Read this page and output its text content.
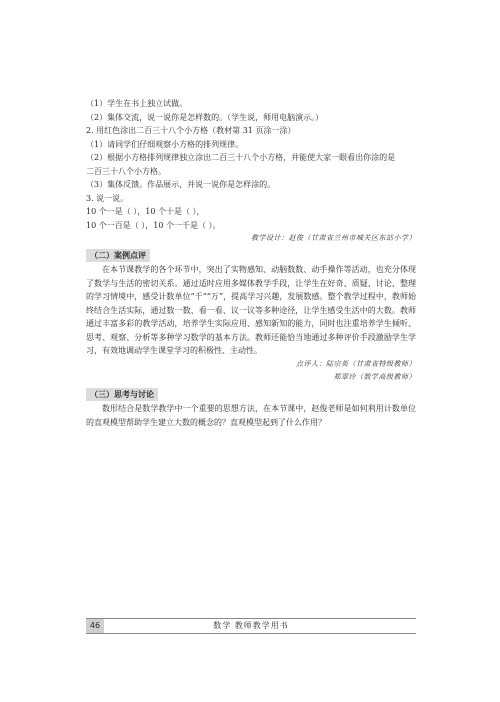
（1）学生在书上独立试做。
（2）集体交流，说一说你是怎样数的。（学生说，师用电脑演示。）
2. 用红色涂出二百三十八个小方格（教材第 31 页涂一涂）
（1）请同学们仔细观察小方格的排列规律。
（2）根据小方格排列规律独立涂出二百三十八个小方格，并能使大家一眼看出你涂的是
二百三十八个小方格。
（3）集体反馈。作品展示，并说一说你是怎样涂的。
3. 说一说。
10 个一是（ ），10 个十是（ ），
10 个一百是（ ），10 个一千是（ ）。
教学设计：赵俊（甘肃省兰州市城关区东站小学）
（二）案例点评
在本节课教学的各个环节中，突出了实物感知、动脑数数、动手操作等活动，也充分体现了数学与生活的密切关系。通过适时应用多媒体教学手段，让学生在好奇、质疑、讨论、整理的学习情境中，感受计数单位“千”“万”，提高学习兴趣，发展数感。整个教学过程中，教师始终结合生活实际，通过数一数、看一看、议一议等多种途径，让学生感受生活中的大数。教师通过丰富多彩的教学活动，培养学生实际应用、感知新知的能力，同时也注重培养学生倾听、思考、观察、分析等多种学习数学的基本方法。教师还能恰当地通过多种评价手段激励学生学习，有效地调动学生课堂学习的积极性、主动性。
点评人：陆宗英（甘肃省特级教师）
郑翠玲（数学高级教师）
（三）思考与讨论
数形结合是数学教学中一个重要的思想方法，在本节课中，赵俊老师是如何利用计数单位的直观模型帮助学生建立大数的概念的？直观模型起到了什么作用？
46	数学 教师教学用书
